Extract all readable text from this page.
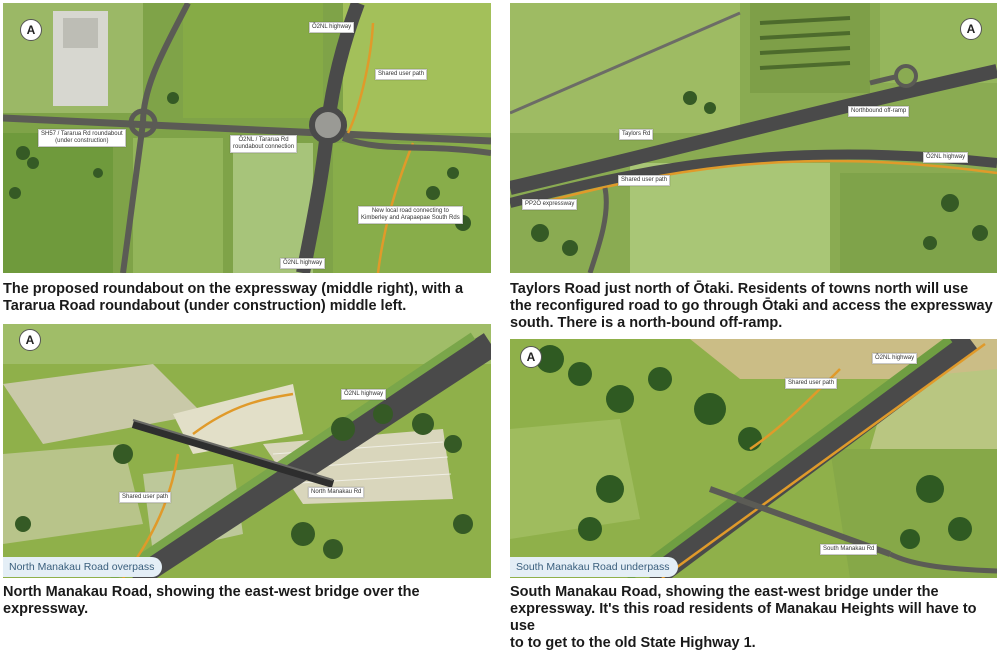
A
SH57 / Tararua Rd roundabout
(under construction)
Ō2NL highway
Shared user path
Ō2NL / Tararua Rd
roundabout connection
New local road connecting to
Kimberley and Arapaepae South Rds
Ō2NL highway
The proposed roundabout on the expressway (middle right), with a
Tararua Road roundabout (under construction) middle left.
A
Northbound off-ramp
Taylors Rd
Ō2NL highway
Shared user path
PP2Ō expressway
Taylors Road just north of Ōtaki. Residents of towns north will use
the reconfigured road to go through Ōtaki and access the expressway
south. There is a north-bound off-ramp.
A
Ō2NL highway
Shared user path
North Manakau Rd
North Manakau Road overpass
North Manakau Road, showing the east-west bridge over the
expressway.
A	Ō2NL highway
Shared user path
South Manakau Rd
South Manakau Road underpass
South Manakau Road, showing the east-west bridge under the
expressway. It's this road residents of Manakau Heights will have to use
to to get to the old State Highway 1.
